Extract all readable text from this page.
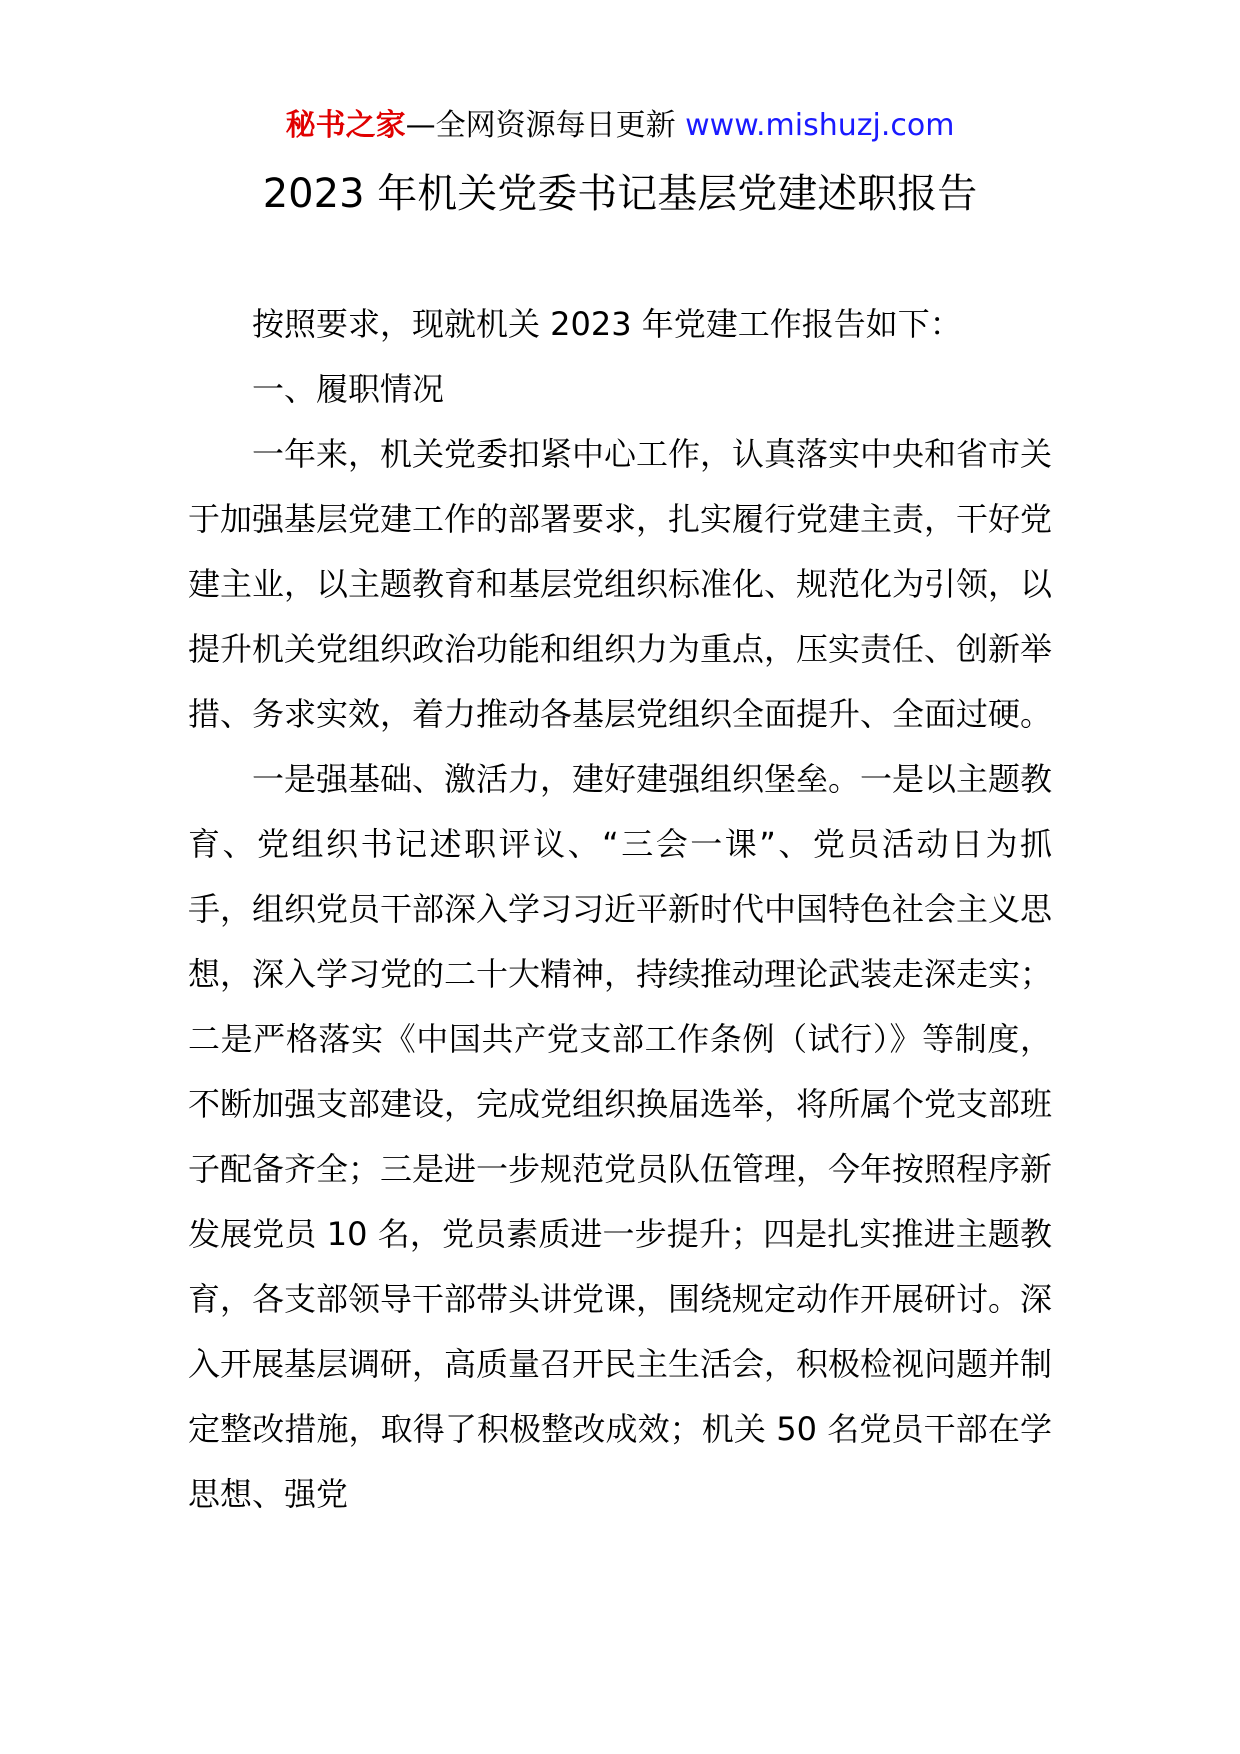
秘书之家—全网资源每日更新 www.mishuzj.com
2023 年机关党委书记基层党建述职报告

按照要求，现就机关 2023 年党建工作报告如下：

一、履职情况

一年来，机关党委扣紧中心工作，认真落实中央和省市关于加强基层党建工作的部署要求，扎实履行党建主责，干好党建主业，以主题教育和基层党组织标准化、规范化为引领，以提升机关党组织政治功能和组织力为重点，压实责任、创新举措、务求实效，着力推动各基层党组织全面提升、全面过硬。

一是强基础、激活力，建好建强组织堡垒。一是以主题教育、党组织书记述职评议、“三会一课”、党员活动日为抓手，组织党员干部深入学习习近平新时代中国特色社会主义思想，深入学习党的二十大精神，持续推动理论武装走深走实；二是严格落实《中国共产党支部工作条例（试行）》等制度，不断加强支部建设，完成党组织换届选举，将所属个党支部班子配备齐全；三是进一步规范党员队伍管理，今年按照程序新发展党员 10 名，党员素质进一步提升；四是扎实推进主题教育，各支部领导干部带头讲党课，围绕规定动作开展研讨。深入开展基层调研，高质量召开民主生活会，积极检视问题并制定整改措施，取得了积极整改成效；机关 50 名党员干部在学思想、强党
